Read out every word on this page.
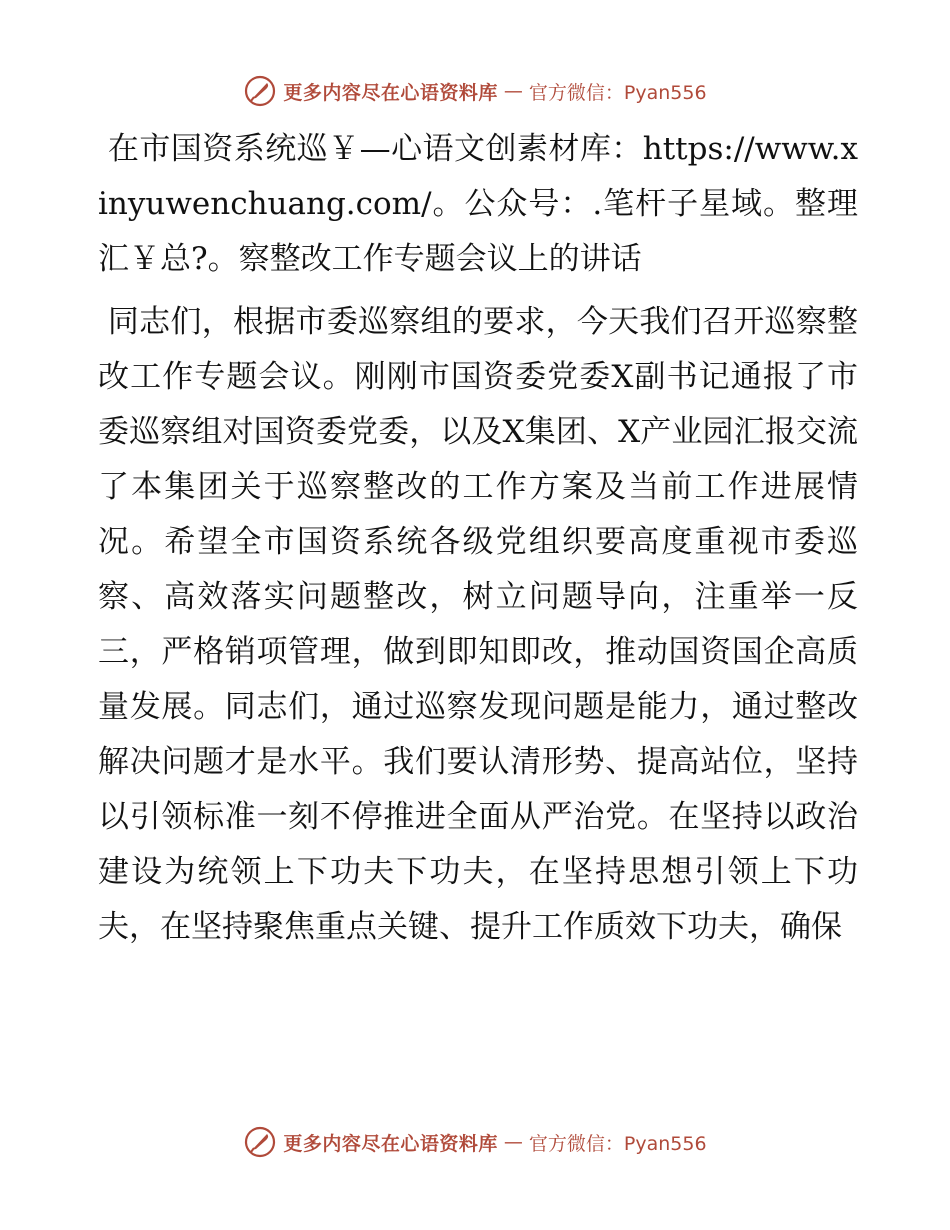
更多内容尽在心语资料库 — 官方微信：Pyan556

在市国资系统巡￥—心语文创素材库：https://www.xinyuwenchuang.com/。公众号：.笔杆子星域。整理汇￥总?。察整改工作专题会议上的讲话

同志们，根据市委巡察组的要求，今天我们召开巡察整改工作专题会议。刚刚市国资委党委X副书记通报了市委巡察组对国资委党委，以及X集团、X产业园汇报交流了本集团关于巡察整改的工作方案及当前工作进展情况。希望全市国资系统各级党组织要高度重视市委巡察、高效落实问题整改，树立问题导向，注重举一反三，严格销项管理，做到即知即改，推动国资国企高质量发展。同志们，通过巡察发现问题是能力，通过整改解决问题才是水平。我们要认清形势、提高站位，坚持以引领标准一刻不停推进全面从严治党。在坚持以政治建设为统领上下功夫下功夫，在坚持思想引领上下功夫，在坚持聚焦重点关键、提升工作质效下功夫，确保

更多内容尽在心语资料库 — 官方微信：Pyan556
